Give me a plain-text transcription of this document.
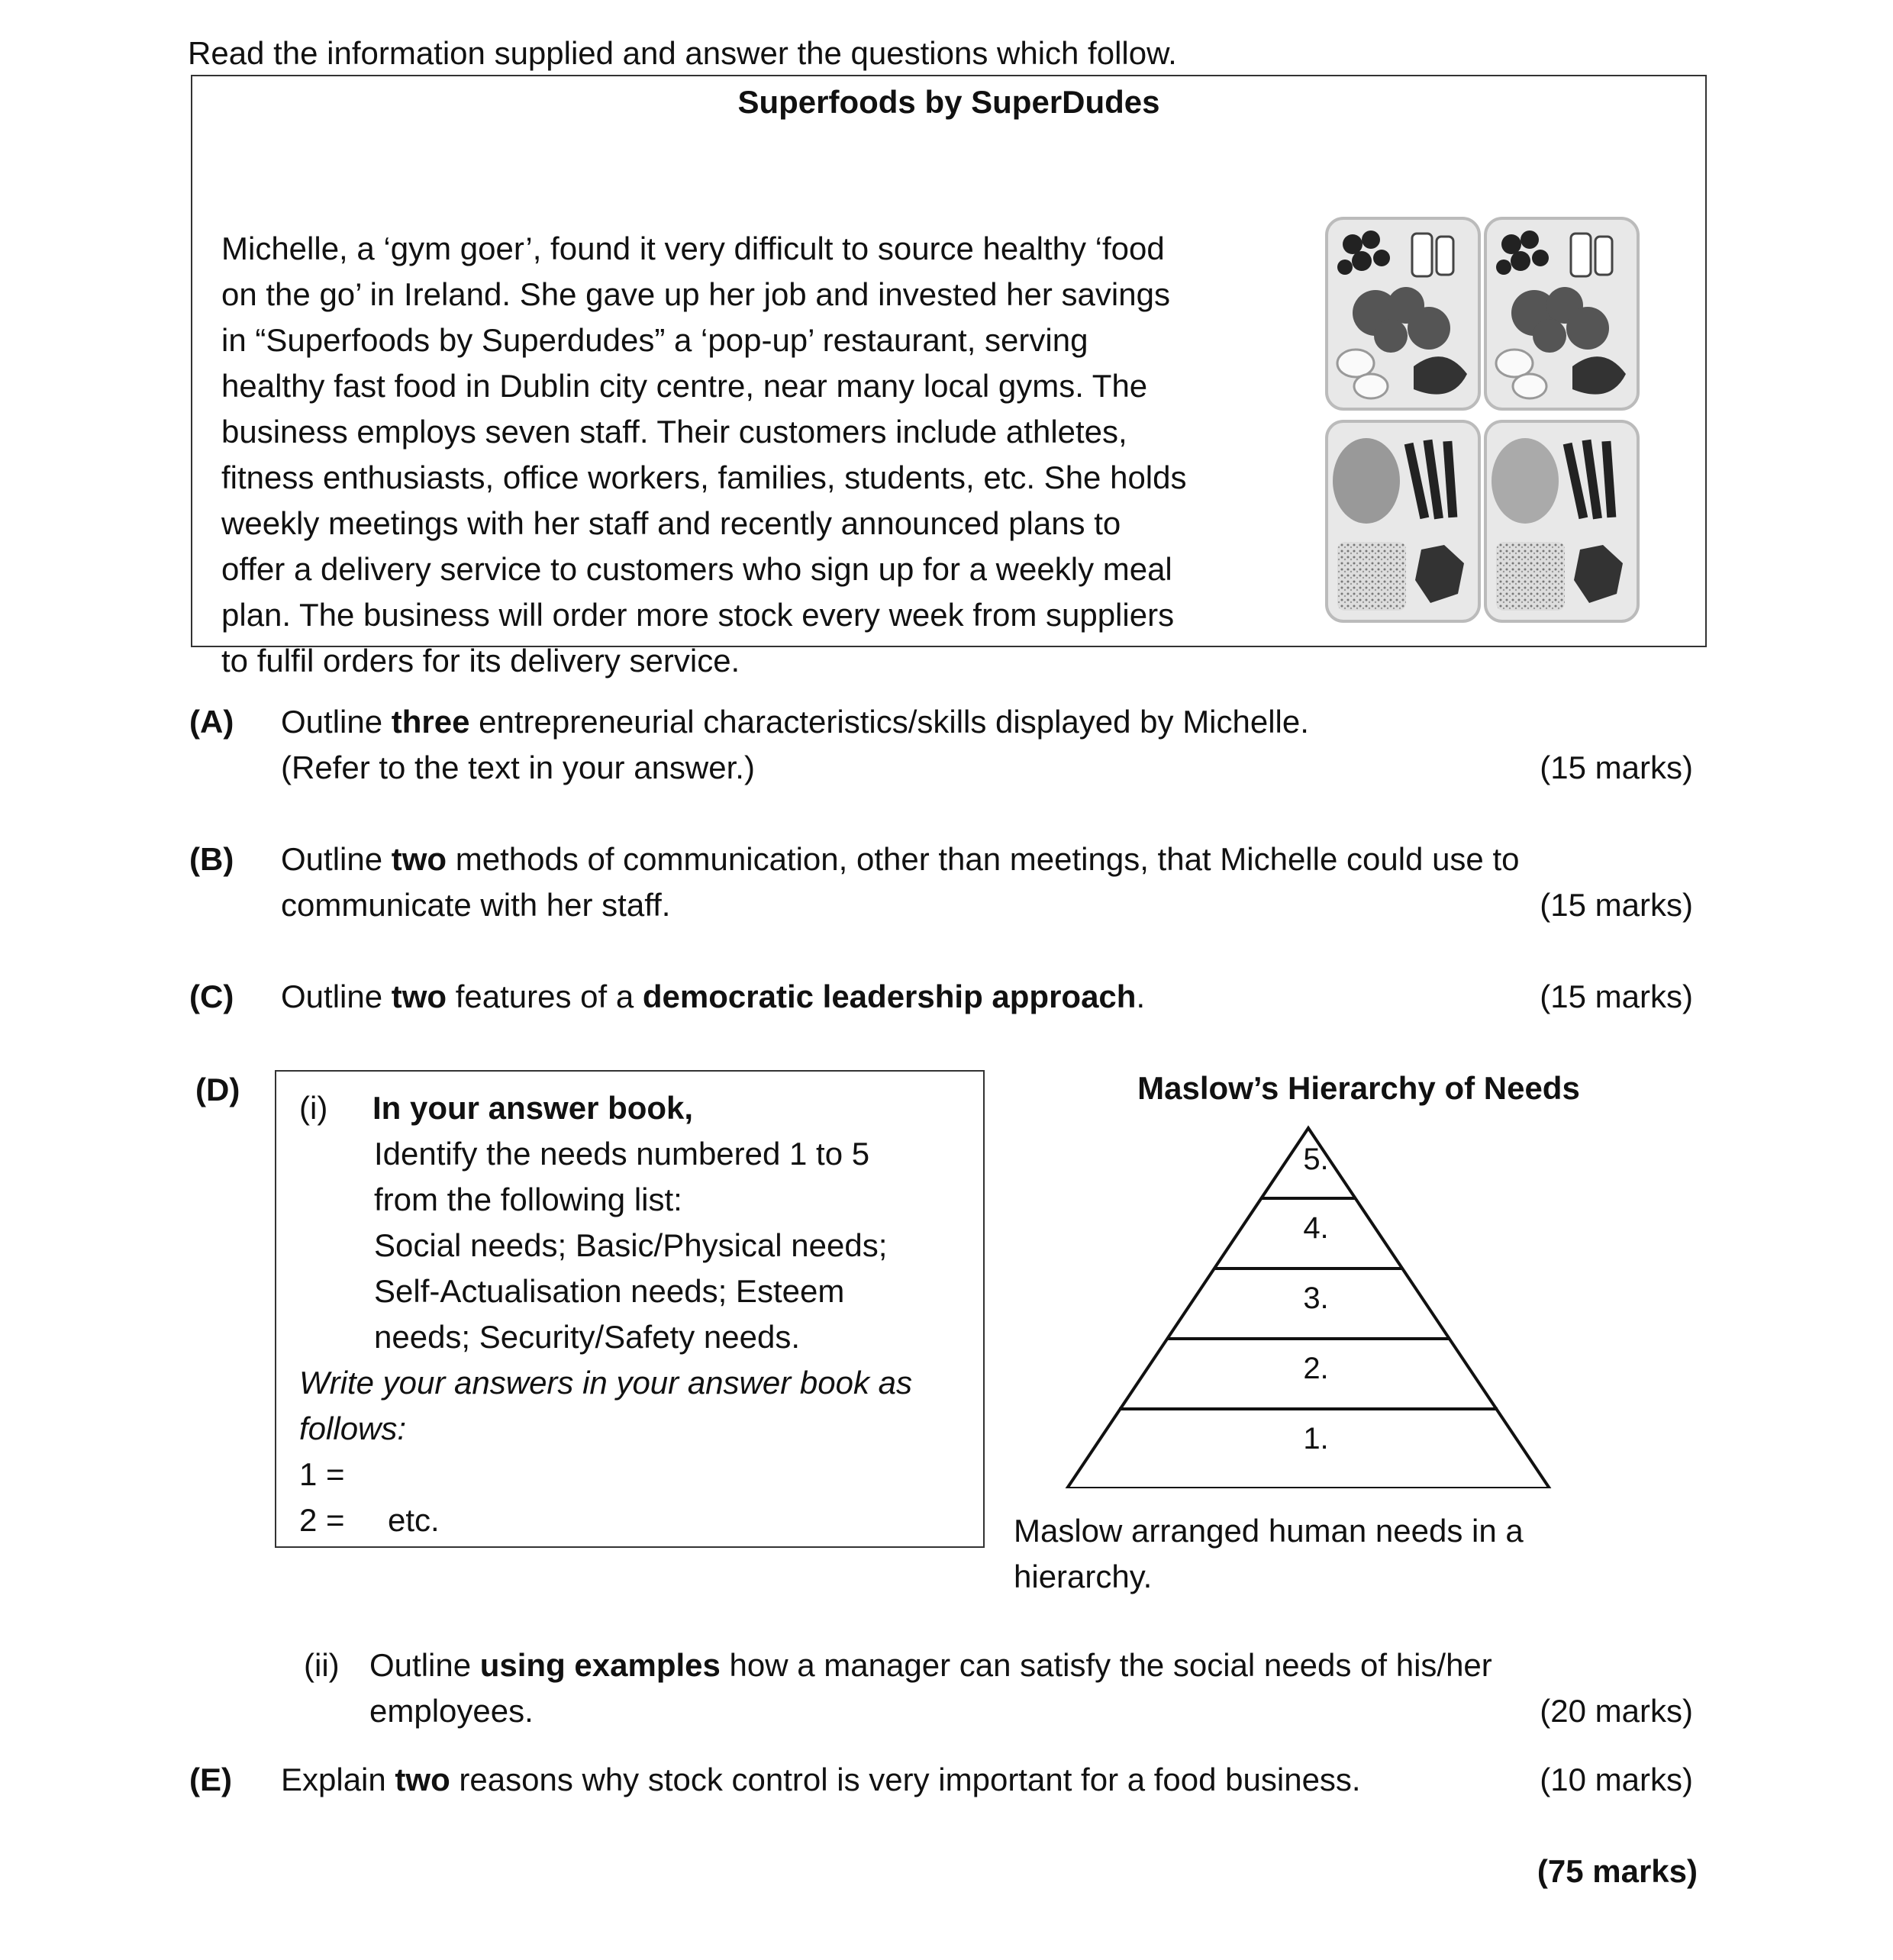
Read the information supplied and answer the questions which follow.
Superfoods by SuperDudes

Michelle, a ‘gym goer’, found it very difficult to source healthy ‘food

on the go’ in Ireland. She gave up her job and invested her savings

in “Superfoods by Superdudes” a ‘pop-up’ restaurant, serving

healthy fast food in Dublin city centre, near many local gyms. The

business employs seven staff. Their customers include athletes,

fitness enthusiasts, office workers, families, students, etc. She holds

weekly meetings with her staff and recently announced plans to

offer a delivery service to customers who sign up for a weekly meal

plan. The business will order more stock every week from suppliers

to fulfil orders for its delivery service.

(A) Outline three entrepreneurial characteristics/skills displayed by Michelle.
(Refer to the text in your answer.)	(15 marks)
(B) Outline two methods of communication, other than meetings, that Michelle could use to
communicate with her staff.	(15 marks)
(C) Outline two features of a democratic leadership approach.	(15 marks)
(D)
(i) In your answer book,
Identify the needs numbered 1 to 5
from the following list:
Social needs; Basic/Physical needs;
Self-Actualisation needs; Esteem
needs; Security/Safety needs.
Write your answers in your answer book as
follows:
1 =
2 = etc.
Maslow’s Hierarchy of Needs
5.
4.
3.
2.
1.
Maslow arranged human needs in a
hierarchy.
(ii) Outline using examples how a manager can satisfy the social needs of his/her
employees.	(20 marks)
(E) Explain two reasons why stock control is very important for a food business.	(10 marks)
(75 marks)
